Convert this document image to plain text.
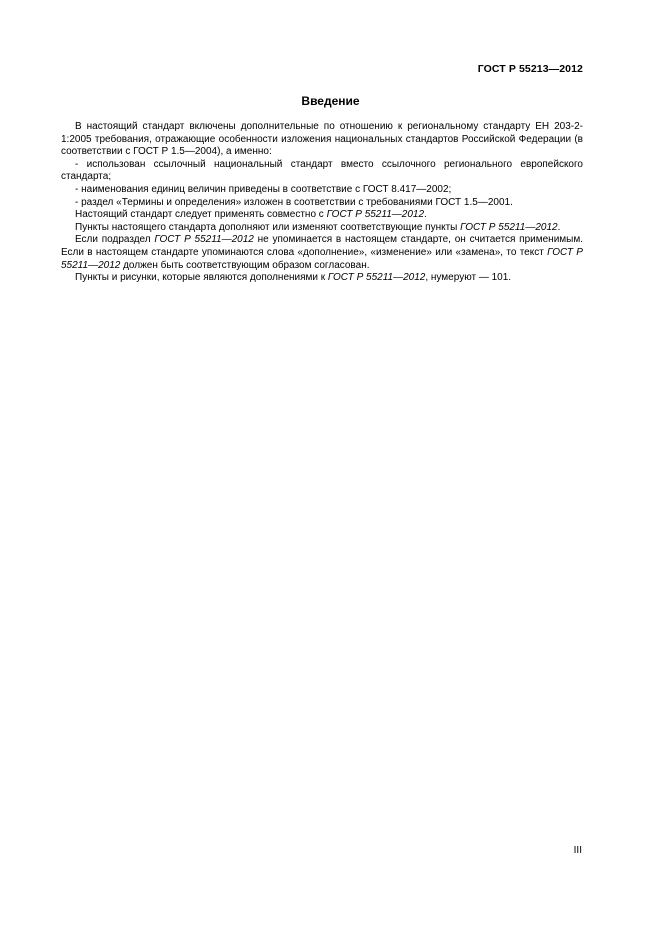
ГОСТ Р 55213—2012
Введение

В настоящий стандарт включены дополнительные по отношению к региональному стандарту ЕН 203-2-1:2005 требования, отражающие особенности изложения национальных стандартов Российской Федерации (в соответствии с ГОСТ Р 1.5—2004), а именно:

- использован ссылочный национальный стандарт вместо ссылочного регионального европейского стандарта;

- наименования единиц величин приведены в соответствие с ГОСТ 8.417—2002;

- раздел «Термины и определения» изложен в соответствии с требованиями ГОСТ 1.5—2001.

Настоящий стандарт следует применять совместно с ГОСТ Р 55211—2012.

Пункты настоящего стандарта дополняют или изменяют соответствующие пункты ГОСТ Р 55211—2012.

Если подраздел ГОСТ Р 55211—2012 не упоминается в настоящем стандарте, он считается применимым. Если в настоящем стандарте упоминаются слова «дополнение», «изменение» или «замена», то текст ГОСТ Р 55211—2012 должен быть соответствующим образом согласован.

Пункты и рисунки, которые являются дополнениями к ГОСТ Р 55211—2012, нумеруют — 101.

III
